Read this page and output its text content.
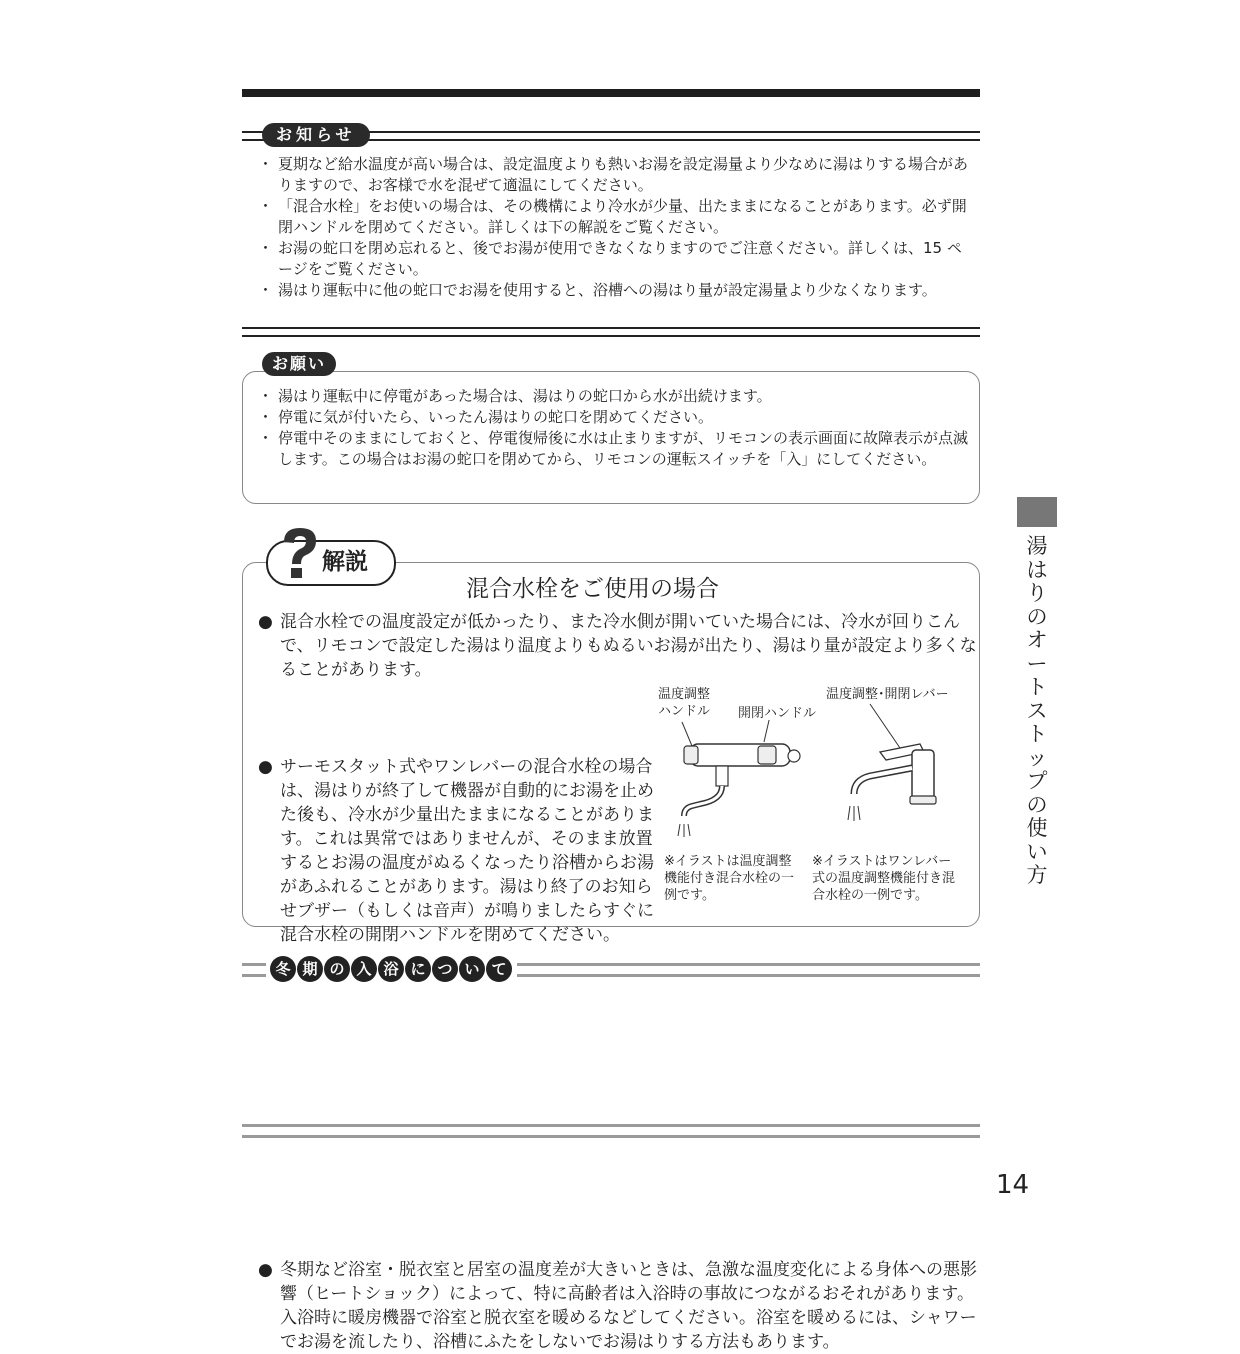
お知らせ
・ 夏期など給水温度が高い場合は、設定温度よりも熱いお湯を設定湯量より少なめに湯はりする場合がありますので、お客様で水を混ぜて適温にしてください。
・ 「混合水栓」をお使いの場合は、その機構により冷水が少量、出たままになることがあります。必ず開閉ハンドルを閉めてください。詳しくは下の解説をご覧ください。
・ お湯の蛇口を閉め忘れると、後でお湯が使用できなくなりますのでご注意ください。詳しくは、15 ページをご覧ください。
・ 湯はり運転中に他の蛇口でお湯を使用すると、浴槽への湯はり量が設定湯量より少なくなります。
お願い
・ 湯はり運転中に停電があった場合は、湯はりの蛇口から水が出続けます。
・ 停電に気が付いたら、いったん湯はりの蛇口を閉めてください。
・ 停電中そのままにしておくと、停電復帰後に水は止まりますが、リモコンの表示画面に故障表示が点滅します。この場合はお湯の蛇口を閉めてから、リモコンの運転スイッチを「入」にしてください。
解説
混合水栓をご使用の場合
● 混合水栓での温度設定が低かったり、また冷水側が開いていた場合には、冷水が回りこんで、リモコンで設定した湯はり温度よりもぬるいお湯が出たり、湯はり量が設定より多くなることがあります。
● サーモスタット式やワンレバーの混合水栓の場合は、湯はりが終了して機器が自動的にお湯を止めた後も、冷水が少量出たままになることがあります。これは異常ではありませんが、そのまま放置するとお湯の温度がぬるくなったり浴槽からお湯があふれることがあります。湯はり終了のお知らせブザー（もしくは音声）が鳴りましたらすぐに混合水栓の開閉ハンドルを閉めてください。
温度調整ハンドル	開閉ハンドル
※イラストは温度調整機能付き混合水栓の一例です。
温度調整･開閉レバー
※イラストはワンレバー式の温度調整機能付き混合水栓の一例です。
冬 期 の 入 浴 に つ い て
● 冬期など浴室・脱衣室と居室の温度差が大きいときは、急激な温度変化による身体への悪影響（ヒートショック）によって、特に高齢者は入浴時の事故につながるおそれがあります。入浴時に暖房機器で浴室と脱衣室を暖めるなどしてください。浴室を暖めるには、シャワーでお湯を流したり、浴槽にふたをしないでお湯はりする方法もあります。
湯はりのオートストップの使い方
14
